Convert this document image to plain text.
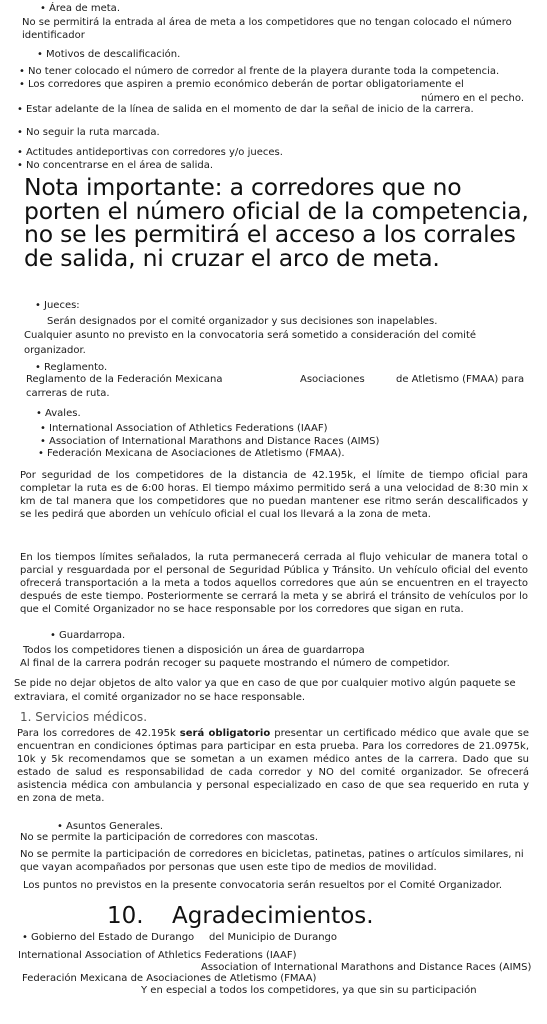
• Área de meta.
No se permitirá la entrada al área de meta a los competidores que no tengan colocado el número
identificador
• Motivos de descalificación.
• No tener colocado el número de corredor al frente de la playera durante toda la competencia.
• Los corredores que aspiren a premio económico deberán de portar obligatoriamente el
número en el pecho.
• Estar adelante de la línea de salida en el momento de dar la señal de inicio de la carrera.
• No seguir la ruta marcada.
• Actitudes antideportivas con corredores y/o jueces.
• No concentrarse en el área de salida.
Nota importante: a corredores que no porten el número oficial de la competencia, no se les permitirá el acceso a los corrales de salida, ni cruzar el arco de meta.
• Jueces:
Serán designados por el comité organizador y sus decisiones son inapelables.
Cualquier asunto no previsto en la convocatoria será sometido a consideración del comité
organizador.
• Reglamento.
Reglamento de la Federación Mexicana	Asociaciones	de Atletismo (FMAA) para
carreras de ruta.
• Avales.
• International Association of Athletics Federations (IAAF)
• Association of International Marathons and Distance Races (AIMS)
• Federación Mexicana de Asociaciones de Atletismo (FMAA).
Por seguridad de los competidores de la distancia de 42.195k, el límite de tiempo oficial para completar la ruta es de 6:00 horas. El tiempo máximo permitido será a una velocidad de 8:30 min x km de tal manera que los competidores que no puedan mantener ese ritmo serán descalificados y se les pedirá que aborden un vehículo oficial el cual los llevará a la zona de meta.
En los tiempos límites señalados, la ruta permanecerá cerrada al flujo vehicular de manera total o parcial y resguardada por el personal de Seguridad Pública y Tránsito. Un vehículo oficial del evento ofrecerá transportación a la meta a todos aquellos corredores que aún se encuentren en el trayecto después de este tiempo. Posteriormente se cerrará la meta y se abrirá el tránsito de vehículos por lo que el Comité Organizador no se hace responsable por los corredores que sigan en ruta.
• Guardarropa.
Todos los competidores tienen a disposición un área de guardarropa
Al final de la carrera podrán recoger su paquete mostrando el número de competidor.
Se pide no dejar objetos de alto valor ya que en caso de que por cualquier motivo algún paquete se
extraviara, el comité organizador no se hace responsable.
1. Servicios médicos.
Para los corredores de 42.195k será obligatorio presentar un certificado médico que avale que se encuentran en condiciones óptimas para participar en esta prueba. Para los corredores de 21.0975k, 10k y 5k recomendamos que se sometan a un examen médico antes de la carrera. Dado que su estado de salud es responsabilidad de cada corredor y NO del comité organizador. Se ofrecerá asistencia médica con ambulancia y personal especializado en caso de que sea requerido en ruta y en zona de meta.
• Asuntos Generales.
No se permite la participación de corredores con mascotas.
No se permite la participación de corredores en bicicletas, patinetas, patines o artículos similares, ni
que vayan acompañados por personas que usen este tipo de medios de movilidad.
Los puntos no previstos en la presente convocatoria serán resueltos por el Comité Organizador.
10. Agradecimientos.
• Gobierno del Estado de Durango del Municipio de Durango
International Association of Athletics Federations (IAAF)
Association of International Marathons and Distance Races (AIMS)
Federación Mexicana de Asociaciones de Atletismo (FMAA)
Y en especial a todos los competidores, ya que sin su participación
